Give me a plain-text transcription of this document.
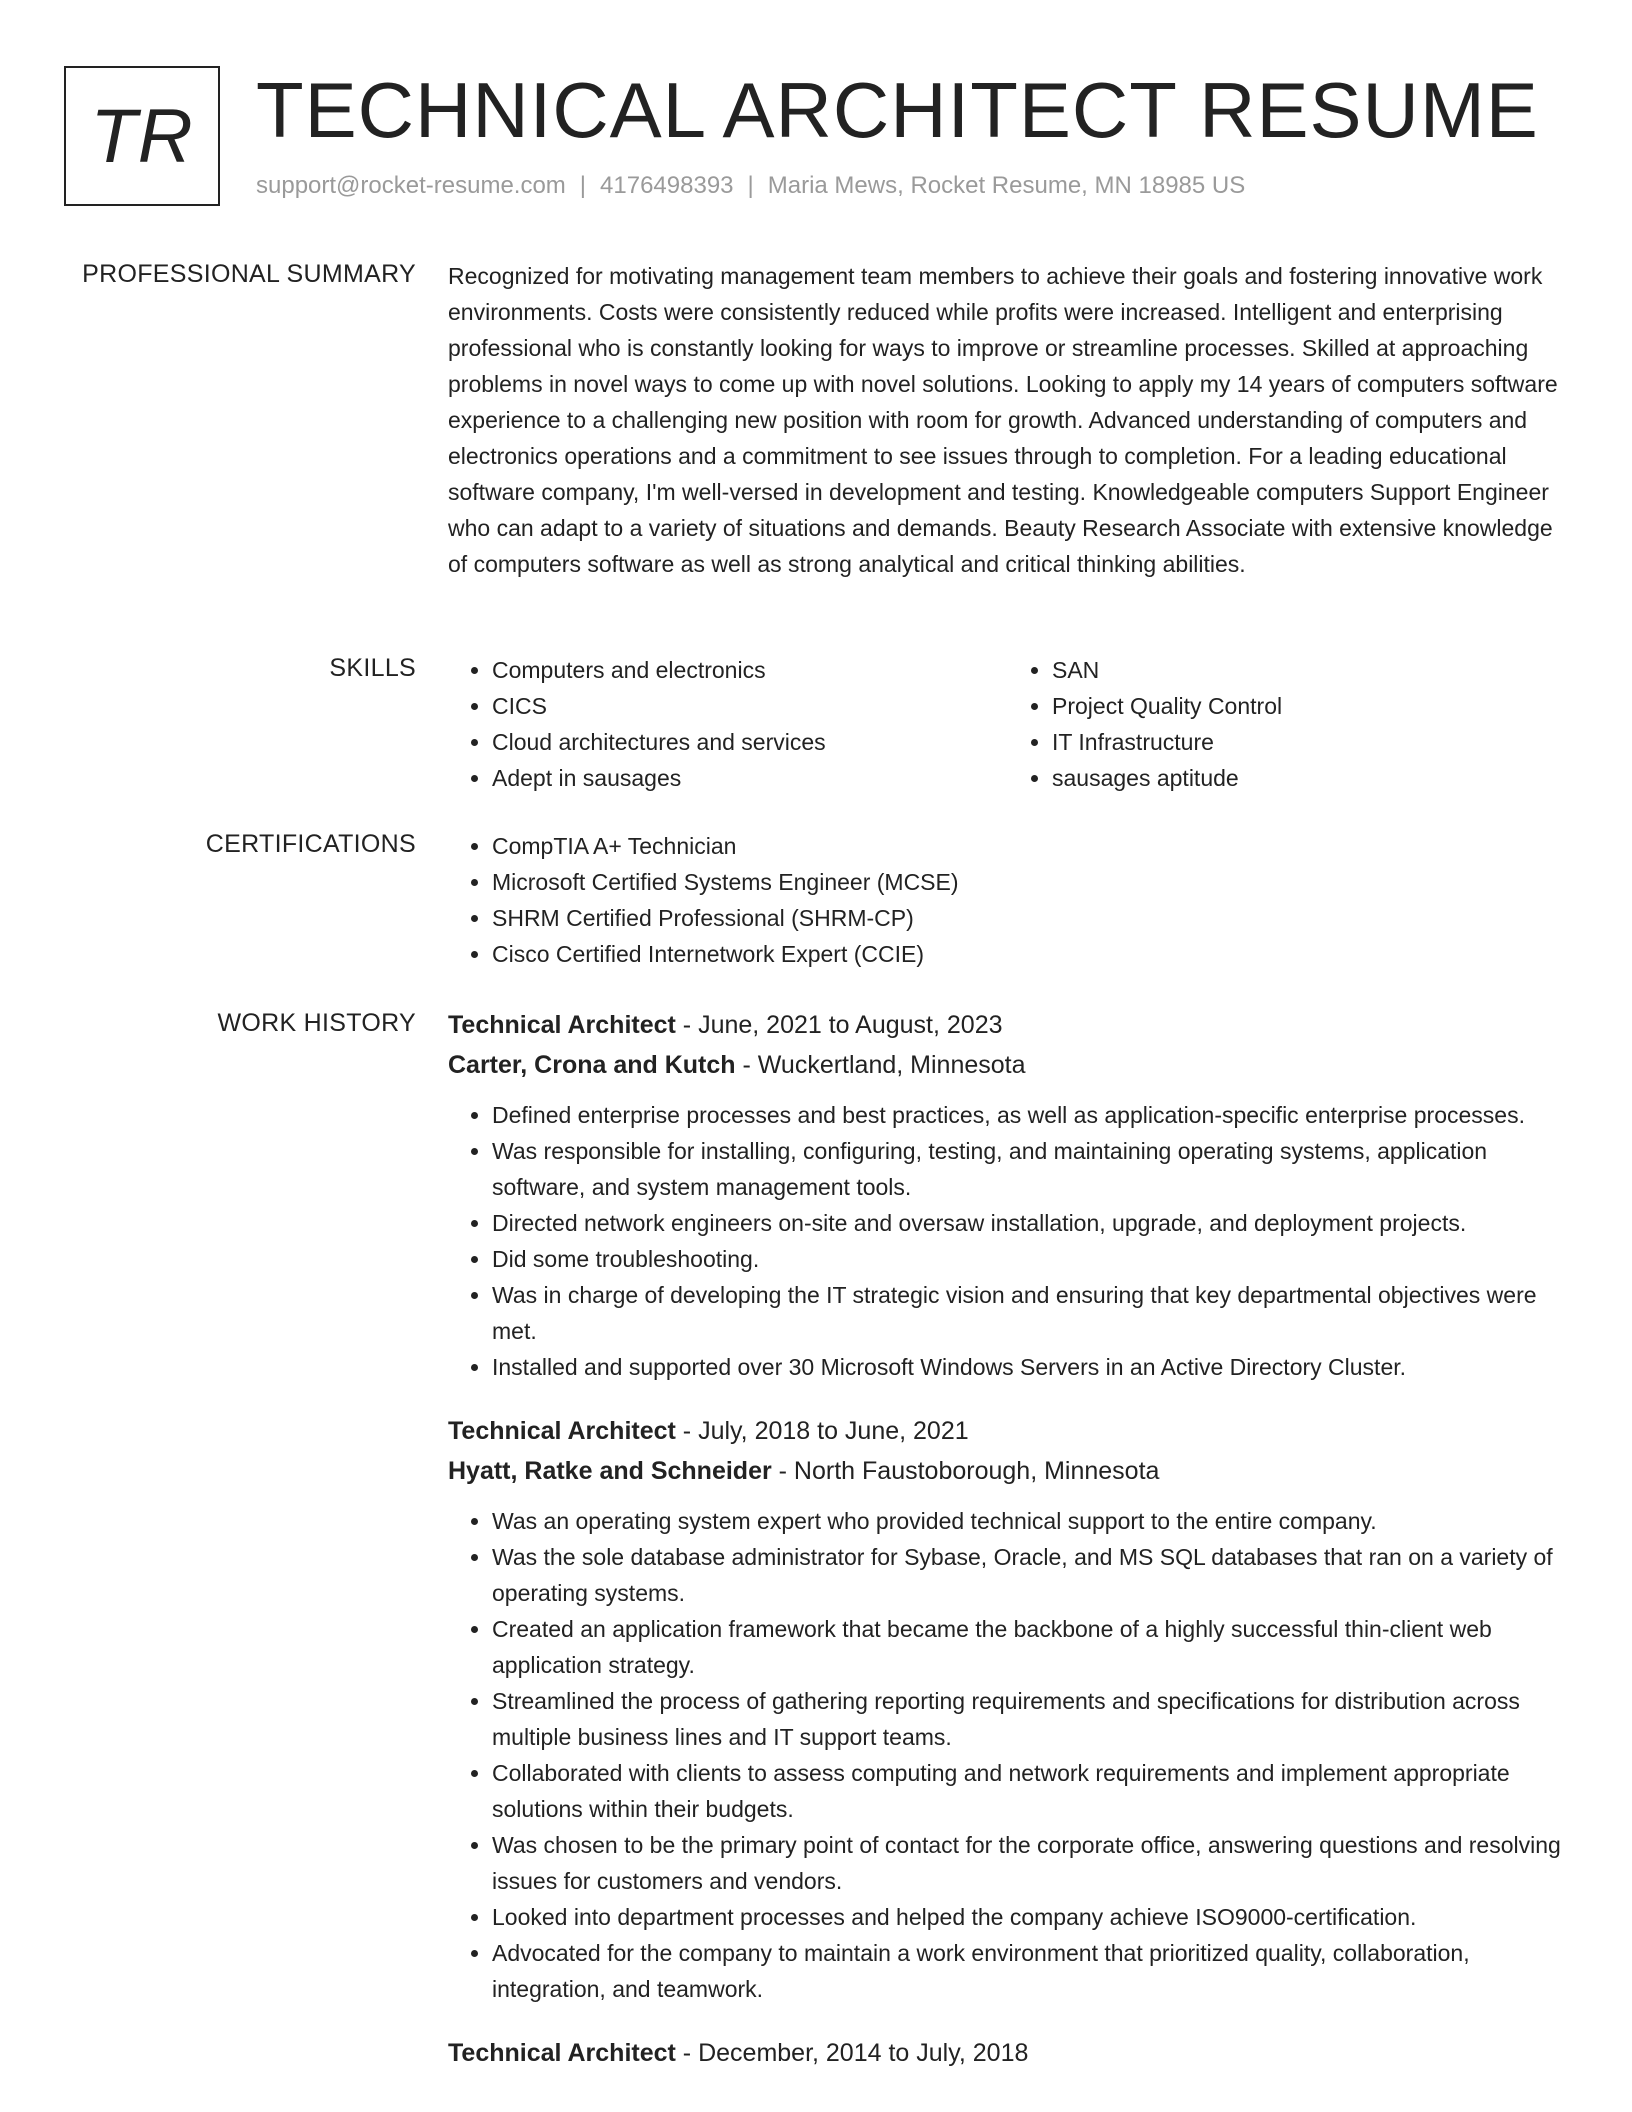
TR TECHNICAL ARCHITECT RESUME
support@rocket-resume.com | 4176498393 | Maria Mews, Rocket Resume, MN 18985 US
PROFESSIONAL SUMMARY Recognized for motivating management team members to achieve their goals and fostering innovative work environments. Costs were consistently reduced while profits were increased. Intelligent and enterprising professional who is constantly looking for ways to improve or streamline processes. Skilled at approaching problems in novel ways to come up with novel solutions. Looking to apply my 14 years of computers software experience to a challenging new position with room for growth. Advanced understanding of computers and electronics operations and a commitment to see issues through to completion. For a leading educational software company, I'm well-versed in development and testing. Knowledgeable computers Support Engineer who can adapt to a variety of situations and demands. Beauty Research Associate with extensive knowledge of computers software as well as strong analytical and critical thinking abilities.
SKILLS	• Computers and electronics
• CICS
• Cloud architectures and services
• Adept in sausages
• SAN
• Project Quality Control
• IT Infrastructure
• sausages aptitude
CERTIFICATIONS	• CompTIA A+ Technician
• Microsoft Certified Systems Engineer (MCSE)
• SHRM Certified Professional (SHRM-CP)
• Cisco Certified Internetwork Expert (CCIE)
WORK HISTORY Technical Architect - June, 2021 to August, 2023
Carter, Crona and Kutch - Wuckertland, Minnesota
• Defined enterprise processes and best practices, as well as application-specific enterprise processes.
• Was responsible for installing, configuring, testing, and maintaining operating systems, application software, and system management tools.
• Directed network engineers on-site and oversaw installation, upgrade, and deployment projects.
• Did some troubleshooting.
• Was in charge of developing the IT strategic vision and ensuring that key departmental objectives were met.
• Installed and supported over 30 Microsoft Windows Servers in an Active Directory Cluster.
Technical Architect - July, 2018 to June, 2021
Hyatt, Ratke and Schneider - North Faustoborough, Minnesota
• Was an operating system expert who provided technical support to the entire company.
• Was the sole database administrator for Sybase, Oracle, and MS SQL databases that ran on a variety of operating systems.
• Created an application framework that became the backbone of a highly successful thin-client web application strategy.
• Streamlined the process of gathering reporting requirements and specifications for distribution across multiple business lines and IT support teams.
• Collaborated with clients to assess computing and network requirements and implement appropriate solutions within their budgets.
• Was chosen to be the primary point of contact for the corporate office, answering questions and resolving issues for customers and vendors.
• Looked into department processes and helped the company achieve ISO9000-certification.
• Advocated for the company to maintain a work environment that prioritized quality, collaboration, integration, and teamwork.
Technical Architect - December, 2014 to July, 2018
